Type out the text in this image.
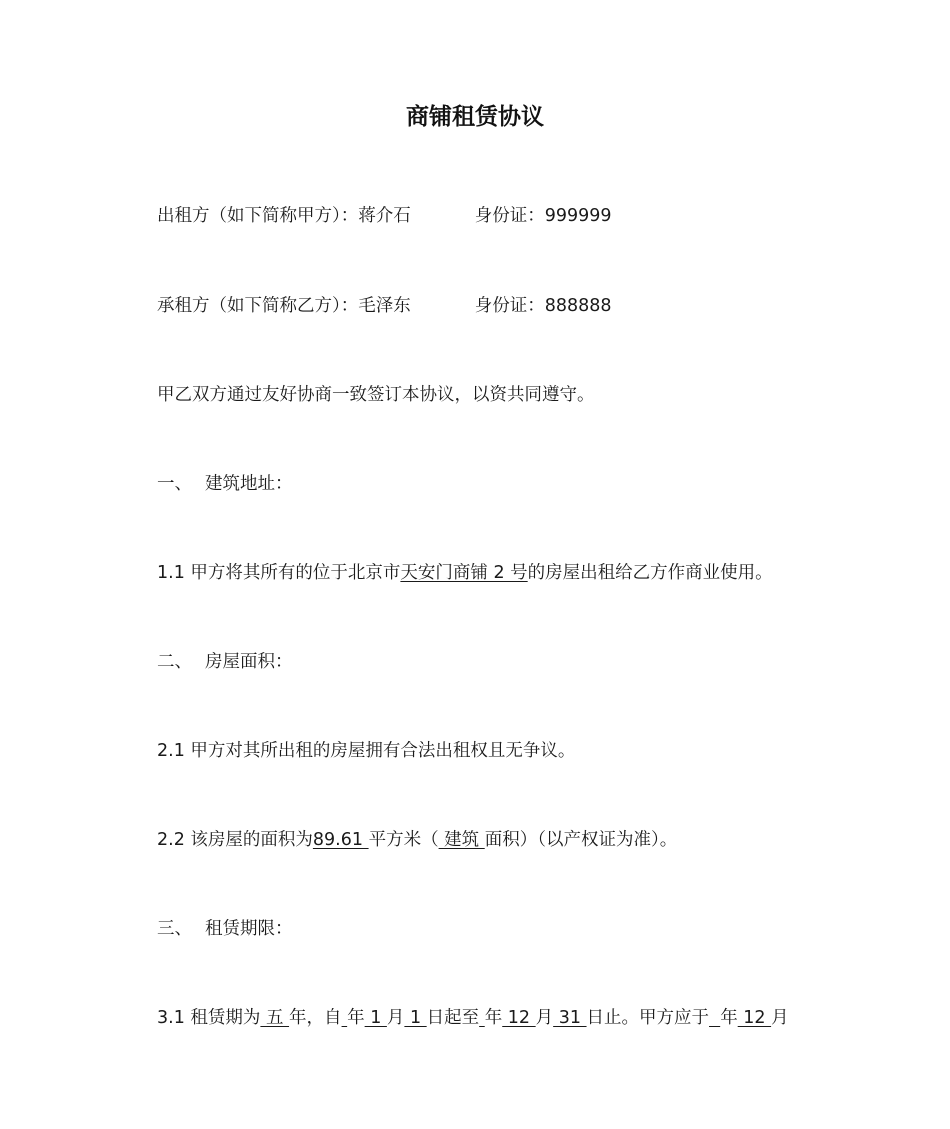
商铺租赁协议
出租方（如下简称甲方）：蒋介石	身份证：999999
承租方（如下简称乙方）：毛泽东	身份证：888888
甲乙双方通过友好协商一致签订本协议，以资共同遵守。
一、 建筑地址：
1.1 甲方将其所有的位于北京市天安门商铺 2 号的房屋出租给乙方作商业使用。
二、 房屋面积：
2.1 甲方对其所出租的房屋拥有合法出租权且无争议。
2.2 该房屋的面积为89.61 平方米（ 建筑 面积）（以产权证为准）。
三、 租赁期限：
3.1 租赁期为 五 年，自 年 1 月 1 日起至 年 12 月 31 日止。甲方应于 年 12 月
